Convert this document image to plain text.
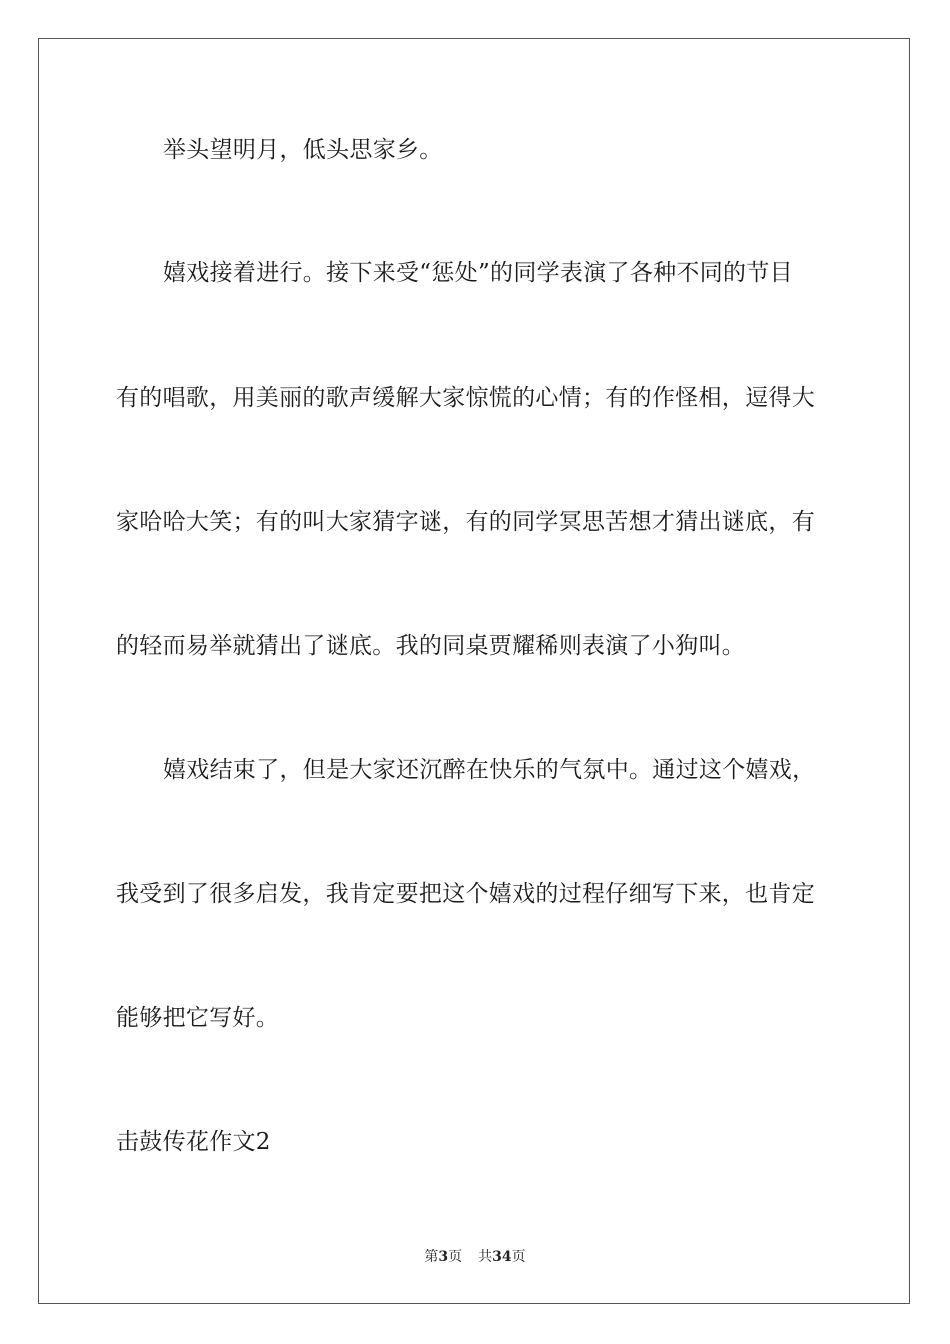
举头望明月，低头思家乡。
嬉戏接着进行。接下来受“惩处”的同学表演了各种不同的节目
有的唱歌，用美丽的歌声缓解大家惊慌的心情；有的作怪相，逗得大
家哈哈大笑；有的叫大家猜字谜，有的同学冥思苦想才猜出谜底，有
的轻而易举就猜出了谜底。我的同桌贾耀稀则表演了小狗叫。
嬉戏结束了，但是大家还沉醉在快乐的气氛中。通过这个嬉戏，
我受到了很多启发，我肯定要把这个嬉戏的过程仔细写下来，也肯定
能够把它写好。
击鼓传花作文2
第3页 共34页
